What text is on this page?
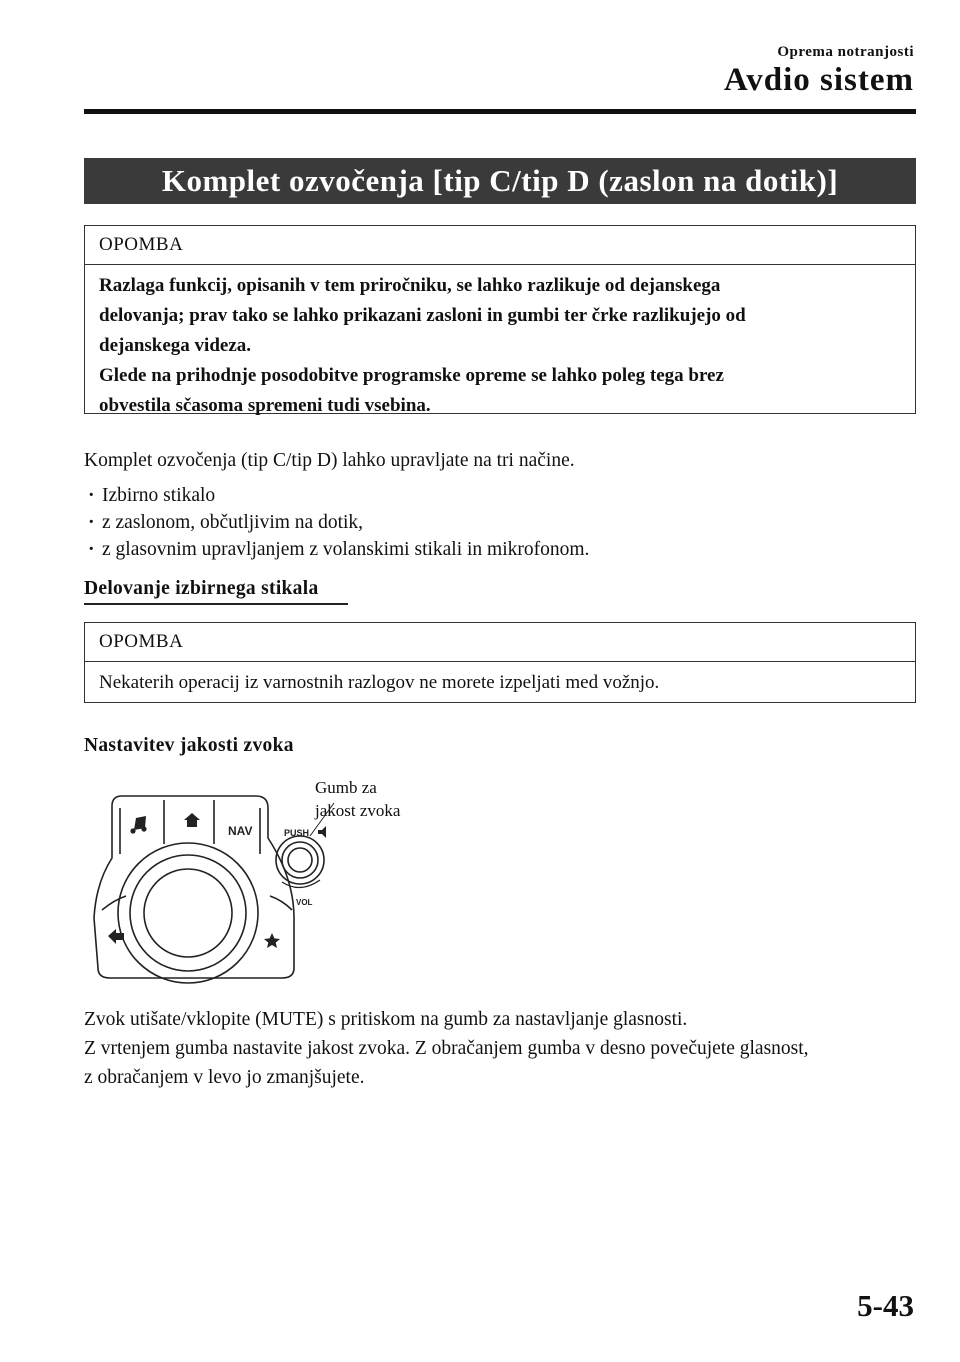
Oprema notranjosti
Avdio sistem
Komplet ozvočenja [tip C/tip D (zaslon na dotik)]
OPOMBA
Razlaga funkcij, opisanih v tem priročniku, se lahko razlikuje od dejanskega
delovanja; prav tako se lahko prikazani zasloni in gumbi ter črke razlikujejo od
dejanskega videza.
Glede na prihodnje posodobitve programske opreme se lahko poleg tega brez
obvestila sčasoma spremeni tudi vsebina.
Komplet ozvočenja (tip C/tip D) lahko upravljate na tri načine.
· Izbirno stikalo
· z zaslonom, občutljivim na dotik,
· z glasovnim upravljanjem z volanskimi stikali in mikrofonom.
Delovanje izbirnega stikala
OPOMBA
Nekaterih operacij iz varnostnih razlogov ne morete izpeljati med vožnjo.
Nastavitev jakosti zvoka
Gumb za
jakost zvoka
NAV	PUSH
VOL
Zvok utišate/vklopite (MUTE) s pritiskom na gumb za nastavljanje glasnosti.
Z vrtenjem gumba nastavite jakost zvoka. Z obračanjem gumba v desno povečujete glasnost,
z obračanjem v levo jo zmanjšujete.
5-43
